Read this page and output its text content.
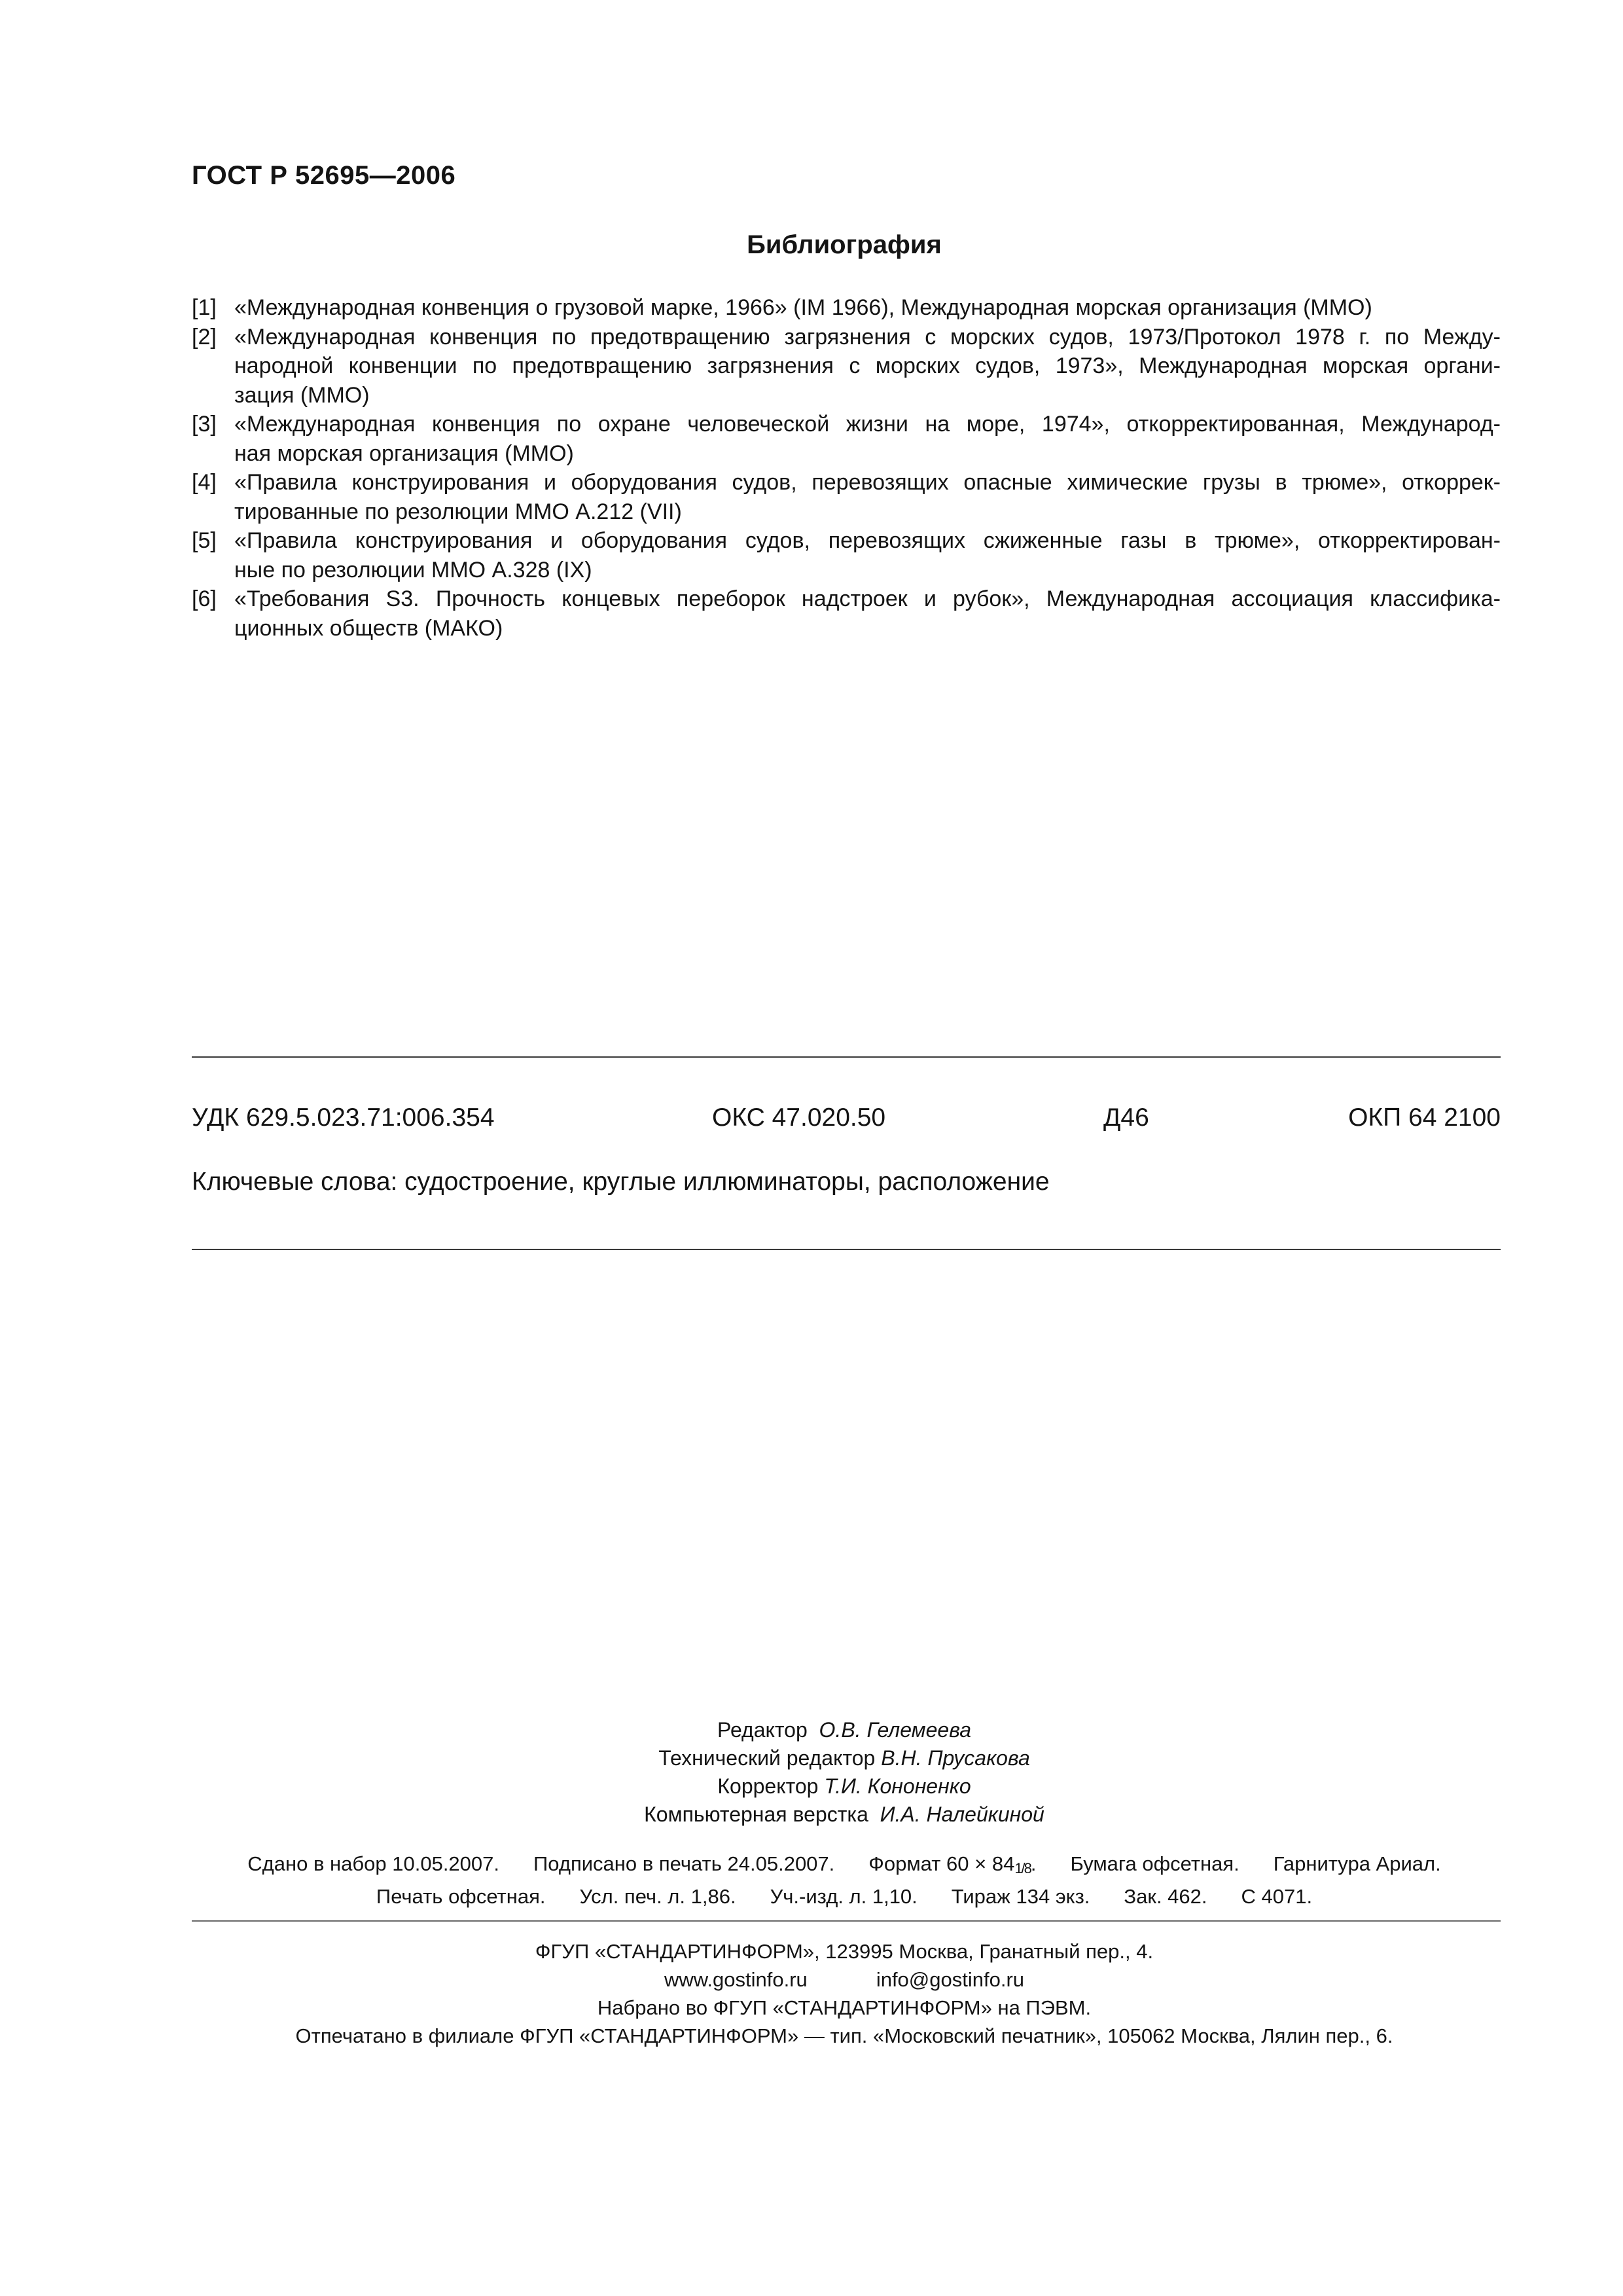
ГОСТ Р 52695—2006
Библиография
[1] «Международная конвенция о грузовой марке, 1966» (IM 1966), Международная морская организация (ММО)
[2] «Международная конвенция по предотвращению загрязнения с морских судов, 1973/Протокол 1978 г. по Между-
народной конвенции по предотвращению загрязнения с морских судов, 1973», Международная морская органи-
зация (ММО)
[3] «Международная конвенция по охране человеческой жизни на море, 1974», откорректированная, Международ-
ная морская организация (ММО)
[4] «Правила конструирования и оборудования судов, перевозящих опасные химические грузы в трюме», откоррек-
тированные по резолюции ММО А.212 (VII)
[5] «Правила конструирования и оборудования судов, перевозящих сжиженные газы в трюме», откорректирован-
ные по резолюции ММО А.328 (IX)
[6] «Требования S3. Прочность концевых переборок надстроек и рубок», Международная ассоциация классифика-
ционных обществ (МАКО)
УДК 629.5.023.71:006.354	ОКС 47.020.50	Д46	ОКП 64 2100
Ключевые слова: судостроение, круглые иллюминаторы, расположение
Редактор О.В. Гелемеева
Технический редактор В.Н. Прусакова
Корректор Т.И. Кононенко
Компьютерная верстка И.А. Налейкиной
Сдано в набор 10.05.2007. Подписано в печать 24.05.2007. Формат 60 × 841/8. Бумага офсетная. Гарнитура Ариал.
Печать офсетная. Усл. печ. л. 1,86. Уч.-изд. л. 1,10. Тираж 134 экз. Зак. 462. С 4071.
ФГУП «СТАНДАРТИНФОРМ», 123995 Москва, Гранатный пер., 4.
www.gostinfo.ru	info@gostinfo.ru
Набрано во ФГУП «СТАНДАРТИНФОРМ» на ПЭВМ.
Отпечатано в филиале ФГУП «СТАНДАРТИНФОРМ» — тип. «Московский печатник», 105062 Москва, Лялин пер., 6.
